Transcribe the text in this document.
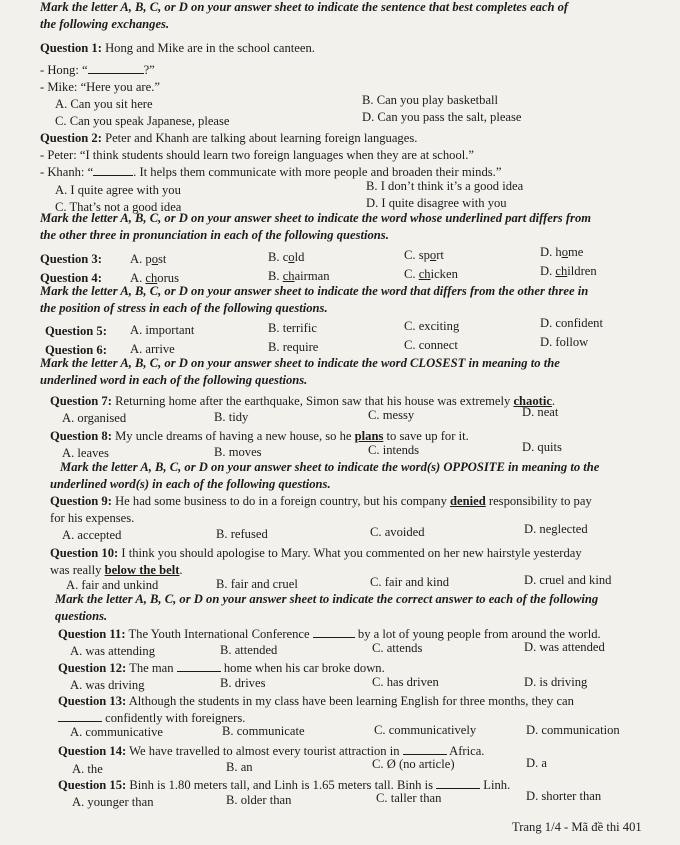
Mark the letter A, B, C, or D on your answer sheet to indicate the sentence that best completes each of
the following exchanges.
Question 1: Hong and Mike are in the school canteen.
- Hong: “	?”
- Mike: “Here you are.”
Question 2: Peter and Khanh are talking about learning foreign languages.
- Peter: “I think students should learn two foreign languages when they are at school.”
- Khanh: “	. It helps them communicate with more people and broaden their minds.”
Mark the letter A, B, C, or D on your answer sheet to indicate the word whose underlined part differs from
the other three in pronunciation in each of the following questions.
Mark the letter A, B, C, or D on your answer sheet to indicate the word that differs from the other three in
the position of stress in each of the following questions.
Mark the letter A, B, C, or D on your answer sheet to indicate the word CLOSEST in meaning to the
underlined word in each of the following questions.
Question 7: Returning home after the earthquake, Simon saw that his house was extremely chaotic.
Question 8: My uncle dreams of having a new house, so he plans to save up for it.
Mark the letter A, B, C, or D on your answer sheet to indicate the word(s) OPPOSITE in meaning to the
underlined word(s) in each of the following questions.
Question 9: He had some business to do in a foreign country, but his company denied responsibility to pay
for his expenses.
Question 10: I think you should apologise to Mary. What you commented on her new hairstyle yesterday
was really below the belt.
Mark the letter A, B, C, or D on your answer sheet to indicate the correct answer to each of the following
questions.
Question 11: The Youth International Conference	by a lot of young people from around the world.
Question 12: The man	home when his car broke down.
Question 13: Although the students in my class have been learning English for three months, they can
confidently with foreigners.
Question 14: We have travelled to almost every tourist attraction in	Africa.
Question 15: Binh is 1.80 meters tall, and Linh is 1.65 meters tall. Binh is	Linh.
Trang 1/4 - Mã đề thi 401
A. Can you sit here	B. Can you play basketball
C. Can you speak Japanese, please	D. Can you pass the salt, please
A. I quite agree with you	B. I don’t think it’s a good idea
C. That’s not a good idea	D. I quite disagree with you
Question 3: A. post	B. cold	C. sport	D. home
Question 4: A. chorus	B. chairman	C. chicken	D. children
Question 5: A. important	B. terrific	C. exciting	D. confident
Question 6: A. arrive	B. require	C. connect	D. follow
A. organised	B. tidy	C. messy	D. neat
A. leaves	B. moves	C. intends	D. quits
A. accepted	B. refused	C. avoided	D. neglected
A. fair and unkind	B. fair and cruel	C. fair and kind	D. cruel and kind
A. was attending	B. attended	C. attends	D. was attended
A. was driving	B. drives	C. has driven	D. is driving
A. communicative	B. communicate	C. communicatively	D. communication
A. the	B. an	C. Ø (no article)	D. a
A. younger than	B. older than	C. taller than	D. shorter than
